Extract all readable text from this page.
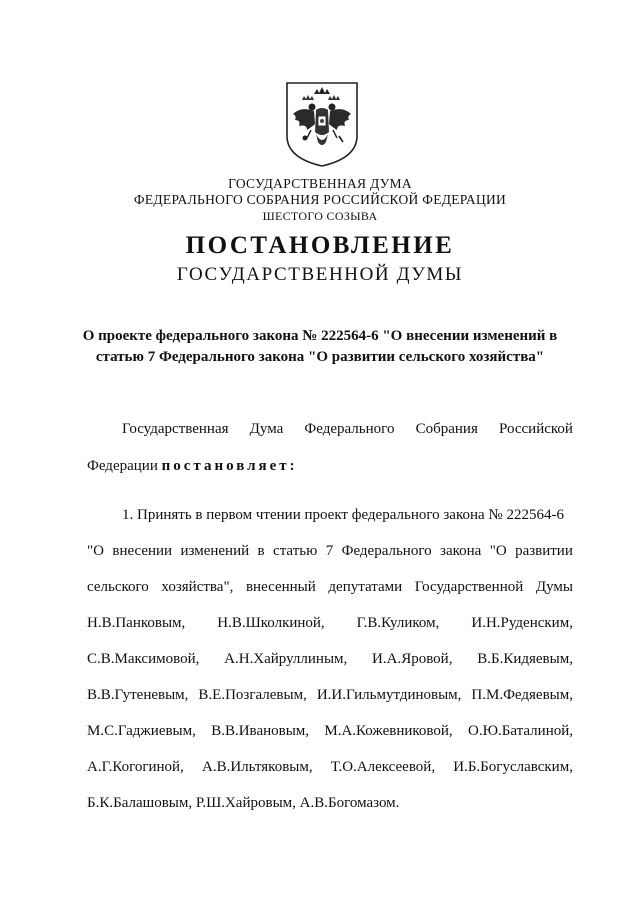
ГОСУДАРСТВЕННАЯ ДУМА
ФЕДЕРАЛЬНОГО СОБРАНИЯ РОССИЙСКОЙ ФЕДЕРАЦИИ
ШЕСТОГО СОЗЫВА
ПОСТАНОВЛЕНИЕ
ГОСУДАРСТВЕННОЙ ДУМЫ
О проекте федерального закона № 222564-6 "О внесении изменений в
статью 7 Федерального закона "О развитии сельского хозяйства"
Государственная Дума Федерального Собрания Российской
Федерации постановляет:
1. Принять в первом чтении проект федерального закона № 222564-6
"О внесении изменений в статью 7 Федерального закона "О развитии
сельского хозяйства", внесенный депутатами Государственной Думы
Н.В.Панковым, Н.В.Школкиной, Г.В.Куликом, И.Н.Руденским,
С.В.Максимовой, А.Н.Хайруллиным, И.А.Яровой, В.Б.Кидяевым,
В.В.Гутеневым, В.Е.Позгалевым, И.И.Гильмутдиновым, П.М.Федяевым,
М.С.Гаджиевым, В.В.Ивановым, М.А.Кожевниковой, О.Ю.Баталиной,
А.Г.Когогиной, А.В.Ильтяковым, Т.О.Алексеевой, И.Б.Богуславским,
Б.К.Балашовым, Р.Ш.Хайровым, А.В.Богомазом.
